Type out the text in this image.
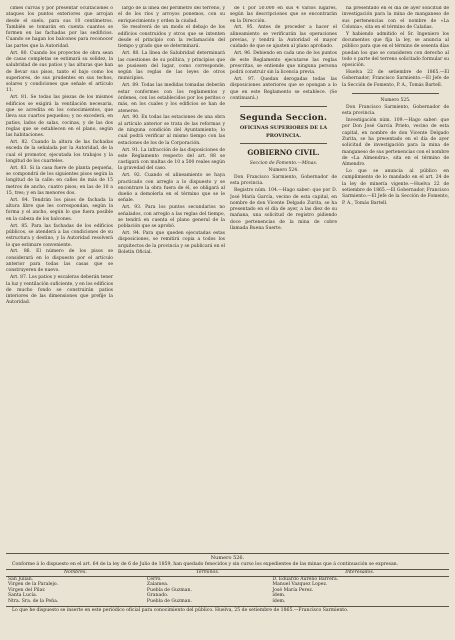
cimes curvas y por presentar ocultaciones ó ataques los puntos exteriores que arrojan desde el suelo, para sus 10 centímetros. También se tomarán en cuenta cuantos se formen en las fachadas por las sedificios. Cuando se hagan los balcones para reconocer las partes que la Autoridad.

Art. 80. Cuando los proyectos de obra sean de casas completas se estimará su solidez, la salubridad de sus patios y las alturas que han de llevar sus pisos, tanto el bajo como los superiores, de sus prudentes en sus techos, solares y condiciones que señale el artículo 11.

Art. 81. Se todas las piezas de los mismos edificios se exigirá la ventilación necesaria, que se acredita en los conocimientos, que lleva sus cuartos pequeños; y no excederá, en patios, lados de salas, cocinas, y de las dos reglas que se establecen en el plano, según las habitaciones.

Art. 82. Cuando la altura de las fachadas exceda de la señalada por la Autoridad, de la cual el promotor, ejecutada los trabajos y la longitud de los cuarteles.

Art. 83. Si la casa fuere de planta pequeña, se compondrá de los siguientes pisos según la longitud de la calle: en calles de más de 15 metros de ancho, cuatro pisos; en las de 10 a 15, tres; y en las menores dos.

Art. 84. Tendrán los pisos de fachada la altura libre que les correspondan, según la forma y el ancho, según lo que fuera posible en la cabeza de los balcones.

Art. 85. Para las fachadas de los edificios públicos, se atenderá a las condiciones de su estructura y destino, y la Autoridad resolverá lo que estimare conveniente.

Art. 86. El número de los pisos se considerará en lo dispuesto por el artículo anterior para todas las casas que se construyeren de nuevo.

Art. 87. Los patios y escaleras deberán tener la luz y ventilación suficiente, y en los edificios de mucho fondo se construirán patios interiores de las dimensiones que prefije la Autoridad.

largo de la línea del perímetro del terreno, y el de los ríos y arroyos ponemos, con su enriquecimiento y orden la ciudad.

Se resolverá de un modo el debajo de los edificios construidos y otros que se intenten desde el principio con la reclamación del tiempo y grado que se determinará.

Art. 88. La línea de Salubridad determinará las cuestiones de su política, y principios que se pusiesen del lugar, como corresponde, según las reglas de las leyes de otros municipios.

Art. 89. Todas las medidas tomadas deberán estar conformes con los reglamentos y órdenes, con los establecidos por los peritos o más, en los cuales y los edificios se han de atenerse.

Art. 90. En todas las estaciones de una obra al artículo anterior se trata de las reformas y de ninguna condición del Ayuntamiento; lo cual podrá verificar al mismo tiempo con las estaciones de los de la Corporación.

Art. 91. La infracción de las disposiciones de este Reglamento respecto del art. 88 se castigará con multas de 10 a 500 reales según la gravedad del caso.

Art. 92. Cuando el alineamiento se haya practicado con arreglo a lo dispuesto y se encontrare la obra fuera de él, se obligará al dueño a demolerla en el término que se le señale.

Art. 93. Para los puntos secundarios no señalados, con arreglo a las reglas del tiempo, se tendrá en cuenta el plano general de la población que se aprobó.

Art. 94. Para que queden ejecutadas estas disposiciones, se remitirá copia a todos los arquitectos de la provincia y se publicará en el Boletín Oficial.

de 1 por 50.000 en sus 4 varios lugares, según las descripciones que se encontrarán en la Dirección.

Art. 95. Antes de proceder a hacer el alineamiento se verificarán las operaciones previas, y tendrá la Autoridad el mayor cuidado de que se ajusten al plano aprobado.

Art. 96. Debiendo en cada uno de los puntos de este Reglamento ejecutarse las reglas prescritas, se entiende que ninguna persona podrá construir sin la licencia previa.

Art. 97. Quedan derogadas todas las disposiciones anteriores que se opongan a lo que en este Reglamento se establece. (Se continuará.)

Segunda Seccion.
OFICINAS SUPERIORES DE LA
PROVINCIA.
GOBIERNO CIVIL.

Seccion de Fomento.—Minas.

Numero 524.

Don Francisco Sarmiento, Gobernador de esta provincia.

Registro núm. 104.—Hago saber: que por D. José María García, vecino de esta capital, en nombre de don Vicente Delgado Zurita, se ha presentado en el día de ayer, a las diez de su mañana, una solicitud de registro pidiendo doce pertenencias de la mina de cobre llamada Buena Suerte.

ha presentado en el día de ayer solicitud de investigación para la mina de manganeso de sus pertenencias con el nombre de «La Colonia», sita en el término de Calañas.

Y habiendo admitido el Sr. Ingeniero los documentos que fija la ley, se anuncia al público para que en el término de sesenta días puedan los que se consideren con derecho al todo o parte del terreno solicitado formular su oposición.

Huelva 22 de setiembre de 1865.—El Gobernador, Francisco Sarmiento.—El Jefe de la Sección de Fomento, P. A., Tomás Bartell.

Numero 525.

Don Francisco Sarmiento, Gobernador de esta provincia.

Investigación núm. 109.—Hago saber: que por Don José García Prieto, vecino de esta capital, en nombre de don Vicente Delgado Zurita, se ha presentado en el día de ayer solicitud de investigación para la mina de manganeso de sus pertenencias con el nombre de «La Almendra», sita en el término de Almendro.

Lo que se anuncia al público en cumplimiento de lo mandado en el art. 24 de la ley de minería vigente.—Huelva 22 de setiembre de 1865.—El Gobernador, Francisco Sarmiento.—El Jefe de la Sección de Fomento, P. A., Tomás Bartell.

Numero 526.

Conforme á lo dispuesto en el art. 64 de la ley de 6 de Julio de 1859, han quedado fenecidos y sin curso los expedientes de las minas que á continuación se expresan.

Nombres.	Términos.	Interesados.
San Julian.	Cerro.	D. Eduardo Aurelio Barrera.
Virgen de la Paralejo.	Zalamea.	Manuel Vazquez Lopez.
Virgen del Pilar.	Puebla de Guzman.	José María Perez.
Santa Lucía.	Granado.	ídem.
Ntra. Sra. de la Peña.	Puebla de Guzman.	ídem.

Lo que he dispuesto se inserte en este periódico oficial para conocimiento del público. Huelva, 25 de setiembre de 1865.—Francisco Sarmiento.
